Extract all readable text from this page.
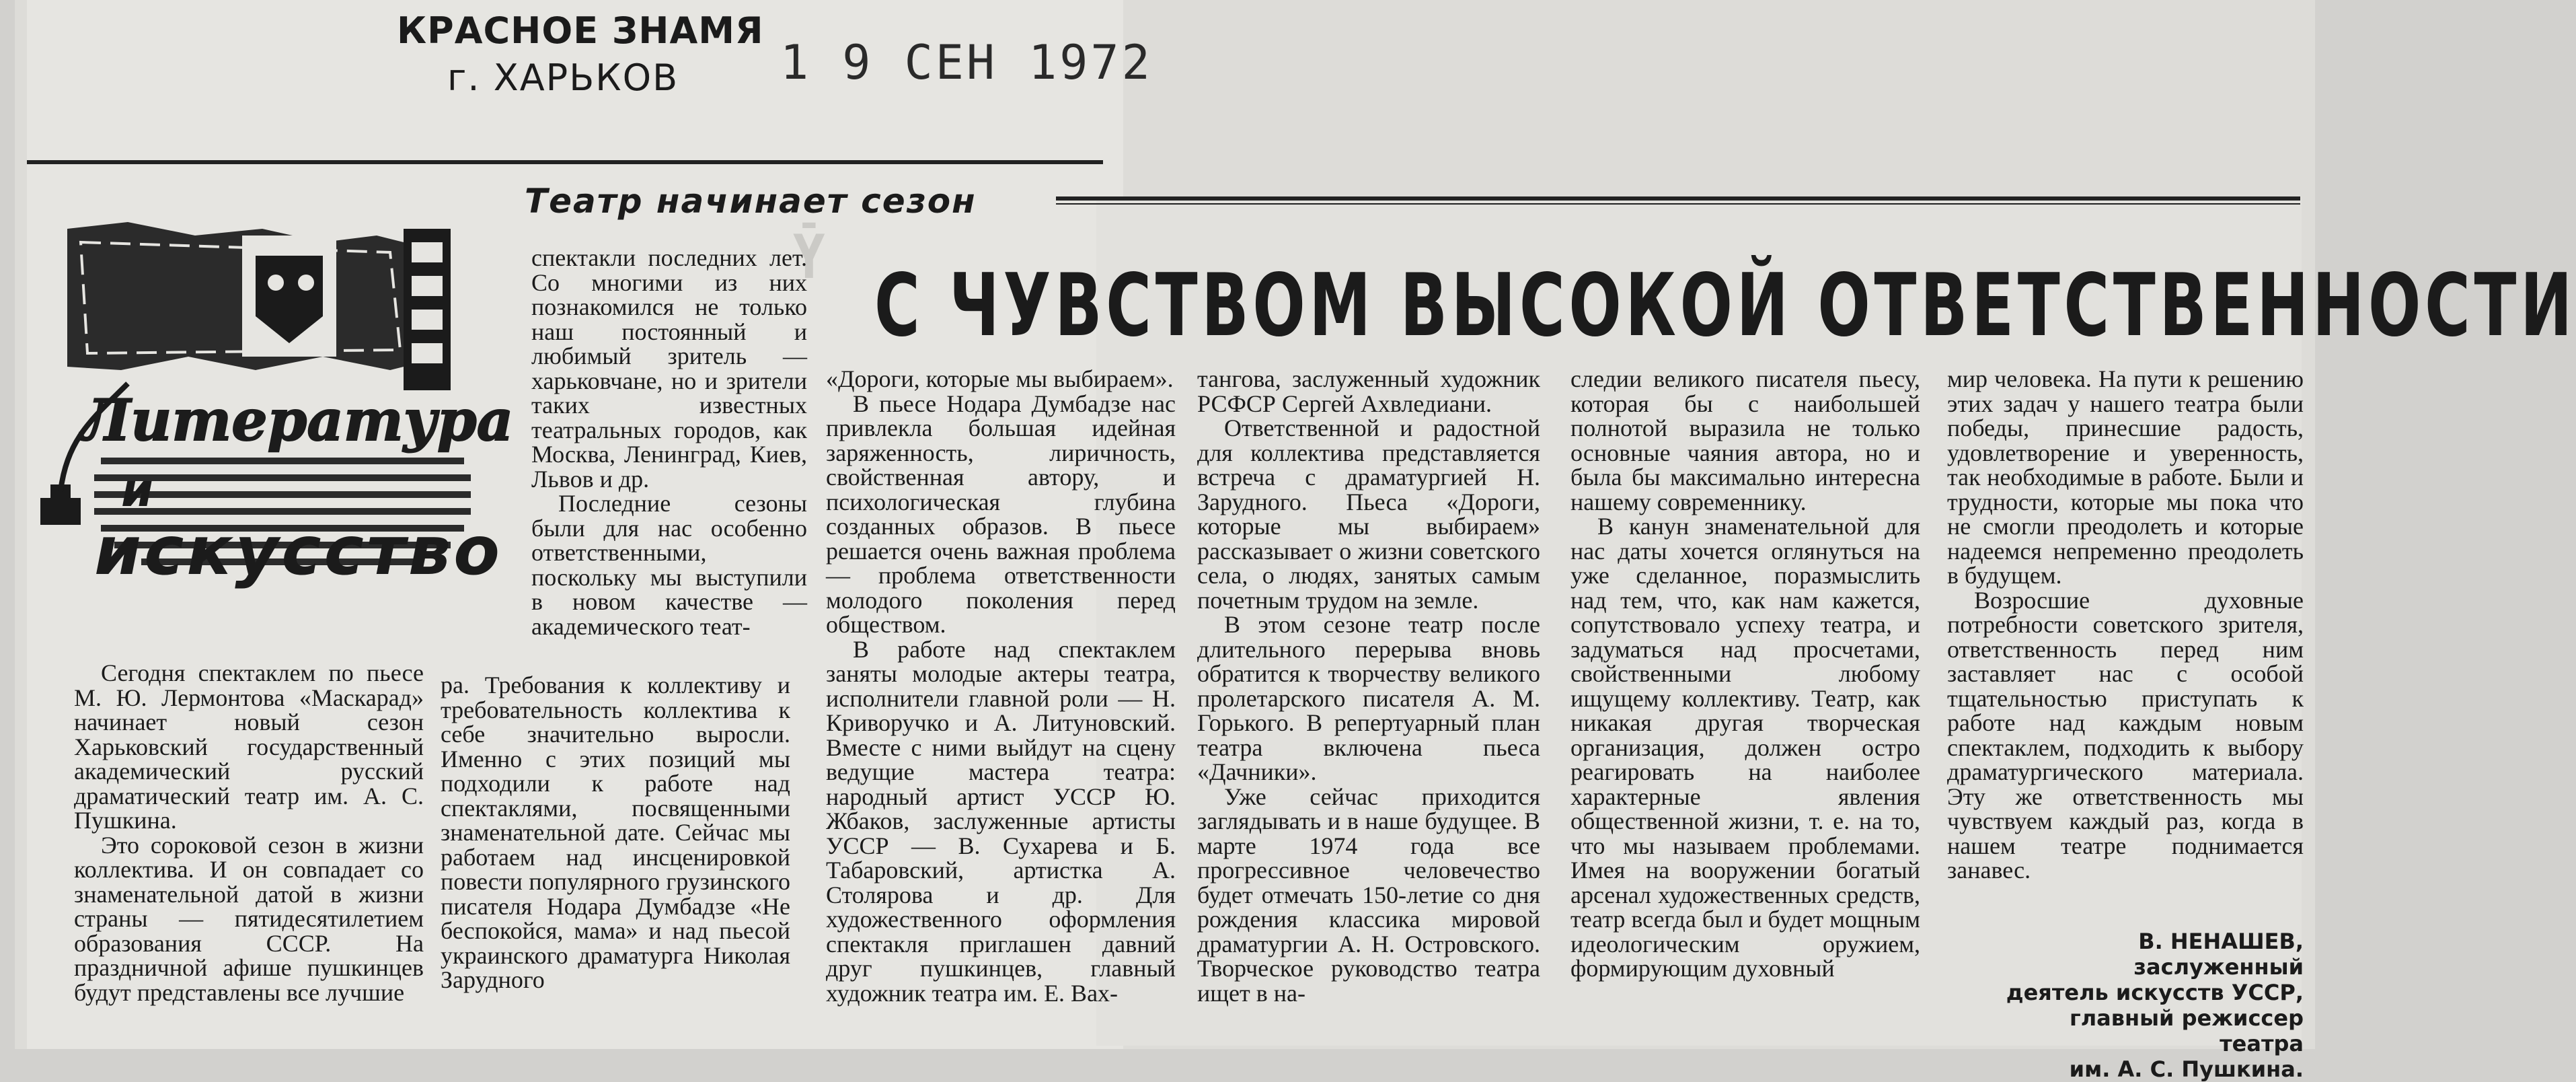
Ȳ
КРАСНОЕ ЗНАМЯ
г. ХАРЬКОВ 1 9 СЕН 1972
Театр начинает сезон
Литература
и
искусство
С ЧУВСТВОМ ВЫСОКОЙ ОТВЕТСТВЕННОСТИ

спектакли последних лет. Со многими из них познакомился не только наш постоянный и любимый зритель — харьковчане, но и зрители таких известных театральных городов, как Москва, Ленинград, Киев, Львов и др.

Последние сезоны были для нас особенно ответственными, поскольку мы выступили в новом качестве — академического теат-

Сегодня спектаклем по пьесе М. Ю. Лермонтова «Маскарад» начинает новый сезон Харьковский государственный академический русский драматический театр им. А. С. Пушкина.

Это сороковой сезон в жизни коллектива. И он совпадает со знаменательной датой в жизни страны — пятидесятилетием образования СССР. На праздничной афише пушкинцев будут представлены все лучшие

ра. Требования к коллективу и требовательность коллектива к себе значительно выросли. Именно с этих позиций мы подходили к работе над спектаклями, посвященными знаменательной дате. Сейчас мы работаем над инсценировкой повести популярного грузинского писателя Нодара Думбадзе «Не беспокойся, мама» и над пьесой украинского драматурга Николая Зарудного

«Дороги, которые мы выбираем».

В пьесе Нодара Думбадзе нас привлекла большая идейная заряженность, лиричность, свойственная автору, и психологическая глубина созданных образов. В пьесе решается очень важная проблема — проблема ответственности молодого поколения перед обществом.

В работе над спектаклем заняты молодые актеры театра, исполнители главной роли — Н. Криворучко и А. Литуновский. Вместе с ними выйдут на сцену ведущие мастера театра: народный артист УССР Ю. Жбаков, заслуженные артисты УССР — В. Сухарева и Б. Табаровский, артистка А. Столярова и др. Для художественного оформления спектакля приглашен давний друг пушкинцев, главный художник театра им. Е. Вах-

тангова, заслуженный художник РСФСР Сергей Ахвледиани.

Ответственной и радостной для коллектива представляется встреча с драматургией Н. Зарудного. Пьеса «Дороги, которые мы выбираем» рассказывает о жизни советского села, о людях, занятых самым почетным трудом на земле.

В этом сезоне театр после длительного перерыва вновь обратится к творчеству великого пролетарского писателя А. М. Горького. В репертуарный план театра включена пьеса «Дачники».

Уже сейчас приходится заглядывать и в наше будущее. В марте 1974 года все прогрессивное человечество будет отмечать 150-летие со дня рождения классика мировой драматургии А. Н. Островского. Творческое руководство театра ищет в на-

следии великого писателя пьесу, которая бы с наибольшей полнотой выразила не только основные чаяния автора, но и была бы максимально интересна нашему современнику.

В канун знаменательной для нас даты хочется оглянуться на уже сделанное, поразмыслить над тем, что, как нам кажется, сопутствовало успеху театра, и задуматься над просчетами, свойственными любому ищущему коллективу. Театр, как никакая другая творческая организация, должен остро реагировать на наиболее характерные явления общественной жизни, т. е. на то, что мы называем проблемами. Имея на вооружении богатый арсенал художественных средств, театр всегда был и будет мощным идеологическим оружием, формирующим духовный

мир человека. На пути к решению этих задач у нашего театра были победы, принесшие радость, удовлетворение и уверенность, так необходимые в работе. Были и трудности, которые мы пока что не смогли преодолеть и которые надеемся непременно преодолеть в будущем.

Возросшие духовные потребности советского зрителя, ответственность перед ним заставляет нас с особой тщательностью приступать к работе над каждым новым спектаклем, подходить к выбору драматургического материала. Эту же ответственность мы чувствуем каждый раз, когда в нашем театре поднимается занавес.

В. НЕНАШЕВ, заслуженный
деятель искусств УССР,
главный режиссер театра
им. А. С. Пушкина.
